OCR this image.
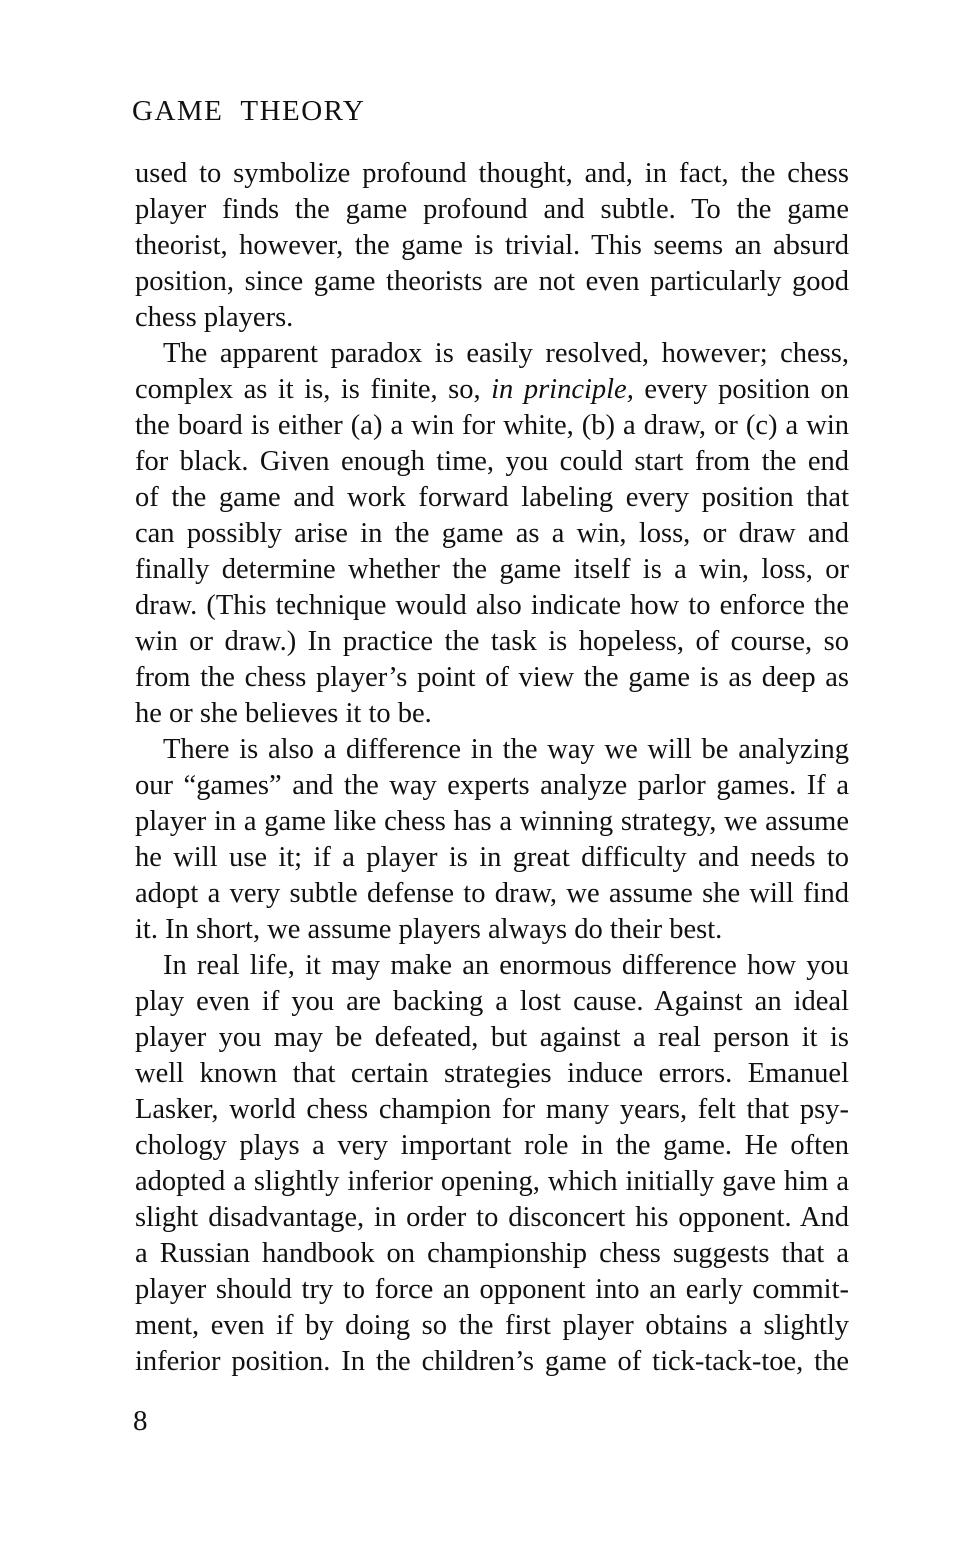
GAME  THEORY
used to symbolize profound thought, and, in fact, the chess
player finds the game profound and subtle. To the game
theorist, however, the game is trivial. This seems an absurd
position, since game theorists are not even particularly good
chess players.
The apparent paradox is easily resolved, however; chess,
complex as it is, is finite, so, in principle, every position on
the board is either (a) a win for white, (b) a draw, or (c) a win
for black. Given enough time, you could start from the end
of the game and work forward labeling every position that
can possibly arise in the game as a win, loss, or draw and
finally determine whether the game itself is a win, loss, or
draw. (This technique would also indicate how to enforce the
win or draw.) In practice the task is hopeless, of course, so
from the chess player’s point of view the game is as deep as
he or she believes it to be.
There is also a difference in the way we will be analyzing
our “games” and the way experts analyze parlor games. If a
player in a game like chess has a winning strategy, we assume
he will use it; if a player is in great difficulty and needs to
adopt a very subtle defense to draw, we assume she will find
it. In short, we assume players always do their best.
In real life, it may make an enormous difference how you
play even if you are backing a lost cause. Against an ideal
player you may be defeated, but against a real person it is
well known that certain strategies induce errors. Emanuel
Lasker, world chess champion for many years, felt that psy-
chology plays a very important role in the game. He often
adopted a slightly inferior opening, which initially gave him a
slight disadvantage, in order to disconcert his opponent. And
a Russian handbook on championship chess suggests that a
player should try to force an opponent into an early commit-
ment, even if by doing so the first player obtains a slightly
inferior position. In the children’s game of tick-tack-toe, the
8
